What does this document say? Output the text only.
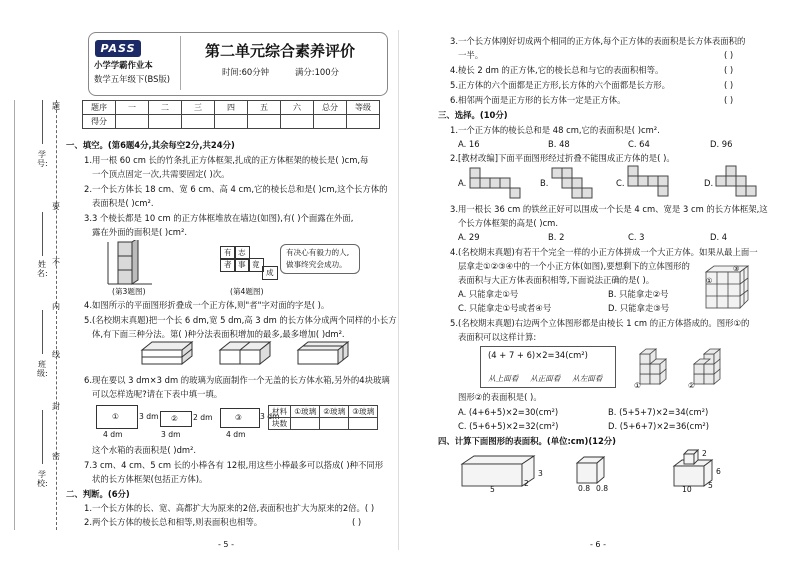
题
要
不
内
线
封
密
学号:
姓名:
班级:
学校:
PASS
小学学霸作业本
数学五年级下(BS版)
第二单元综合素养评价
时间:60分钟	满分:100分
题序	一	二	三	四	五	六	总分	等级
得分								
一、填空。(第6题4分,其余每空2分,共24分)
1.用一根 60 cm 长的竹条扎正方体框架,扎成的正方体框架的棱长是( )cm,每
一个顶点固定一次,共需要固定( )次。
2.一个长方体长 18 cm、宽 6 cm、高 4 cm,它的棱长总和是( )cm,这个长方体的
表面积是( )cm².
3.3 个棱长都是 10 cm 的正方体框堆放在墙边(如图),有( )个面露在外面,
露在外面的面积是( )cm².
(第3题图)
有 志
者 事 竟
成
(第4题图)
有决心有毅力的人,
做事终究会成功。
4.如图所示的平面图形折叠成一个正方体,则"者"字对面的字是( )。
5.(名校期末真题)把一个长 6 dm,宽 5 dm,高 3 dm 的长方体分成两个同样的小长方
体,有下面三种分法。第( )种分法表面积增加的最多,最多增加( )dm².
6.现在要以 3 dm×3 dm 的玻璃为底面制作一个无盖的长方体水箱,另外的4块玻璃
可以怎样选呢?请在下表中填一填。
①	3 dm
4 dm
② 2 dm
3 dm
③ 3 dm
4 dm
材料	①玻璃	②玻璃	③玻璃
块数			
这个水箱的表面积是( )dm².
7.3 cm、4 cm、5 cm 长的小棒各有 12根,用这些小棒最多可以搭成( )种不同形
状的长方体框架(包括正方体)。
二、判断。(6分)
1.一个长方体的长、宽、高都扩大为原来的2倍,表面积也扩大为原来的2倍。( )
2.两个长方体的棱长总和相等,则表面积也相等。	( )
- 5 -
3.一个长方体刚好切成两个相同的正方体,每个正方体的表面积是长方体表面积的
一半。	( )
4.棱长 2 dm 的正方体,它的棱长总和与它的表面积相等。	( )
5.正方体的六个面都是正方形,长方体的六个面都是长方形。	( )
6.相邻两个面是正方形的长方体一定是正方体。	( )
三、选择。(10分)
1.一个正方体的棱长总和是 48 cm,它的表面积是( )cm².
A. 16	B. 48	C. 64	D. 96
2.[教材改编]下面平面图形经过折叠不能围成正方体的是( )。
A.	B.	C.	D.
3.用一根长 36 cm 的铁丝正好可以围成一个长是 4 cm、宽是 3 cm 的长方体框架,这
个长方体框架的高是( )cm.
A. 29	B. 2	C. 3	D. 4
4.(名校期末真题)有若干个完全一样的小正方体拼成一个大正方体。如果从最上面一
层拿走①②③④中的一个小正方体(如图),要想剩下的立体图形的
表面积与大正方体表面积相等,下面说法正确的是( )。
A. 只能拿走①号	B. 只能拿走②号
C. 只能拿走①号或者④号	D. 只能拿走③号
①
③
5.(名校期末真题)右边两个立体图形都是由棱长 1 cm 的正方体搭成的。图形①的
表面积可以这样计算:
(4 + 7 + 6)×2=34(cm²)
从上面看 从正面看 从左面看
①	②
图形②的表面积是( )。
A. (4+6+5)×2=30(cm²)	B. (5+5+7)×2=34(cm²)
C. (5+6+5)×2=32(cm²)	D. (5+6+7)×2=36(cm²)
四、计算下面图形的表面积。(单位:cm)(12分)
3
5
2
0.8 0.8
2
6
10 5
- 6 -
